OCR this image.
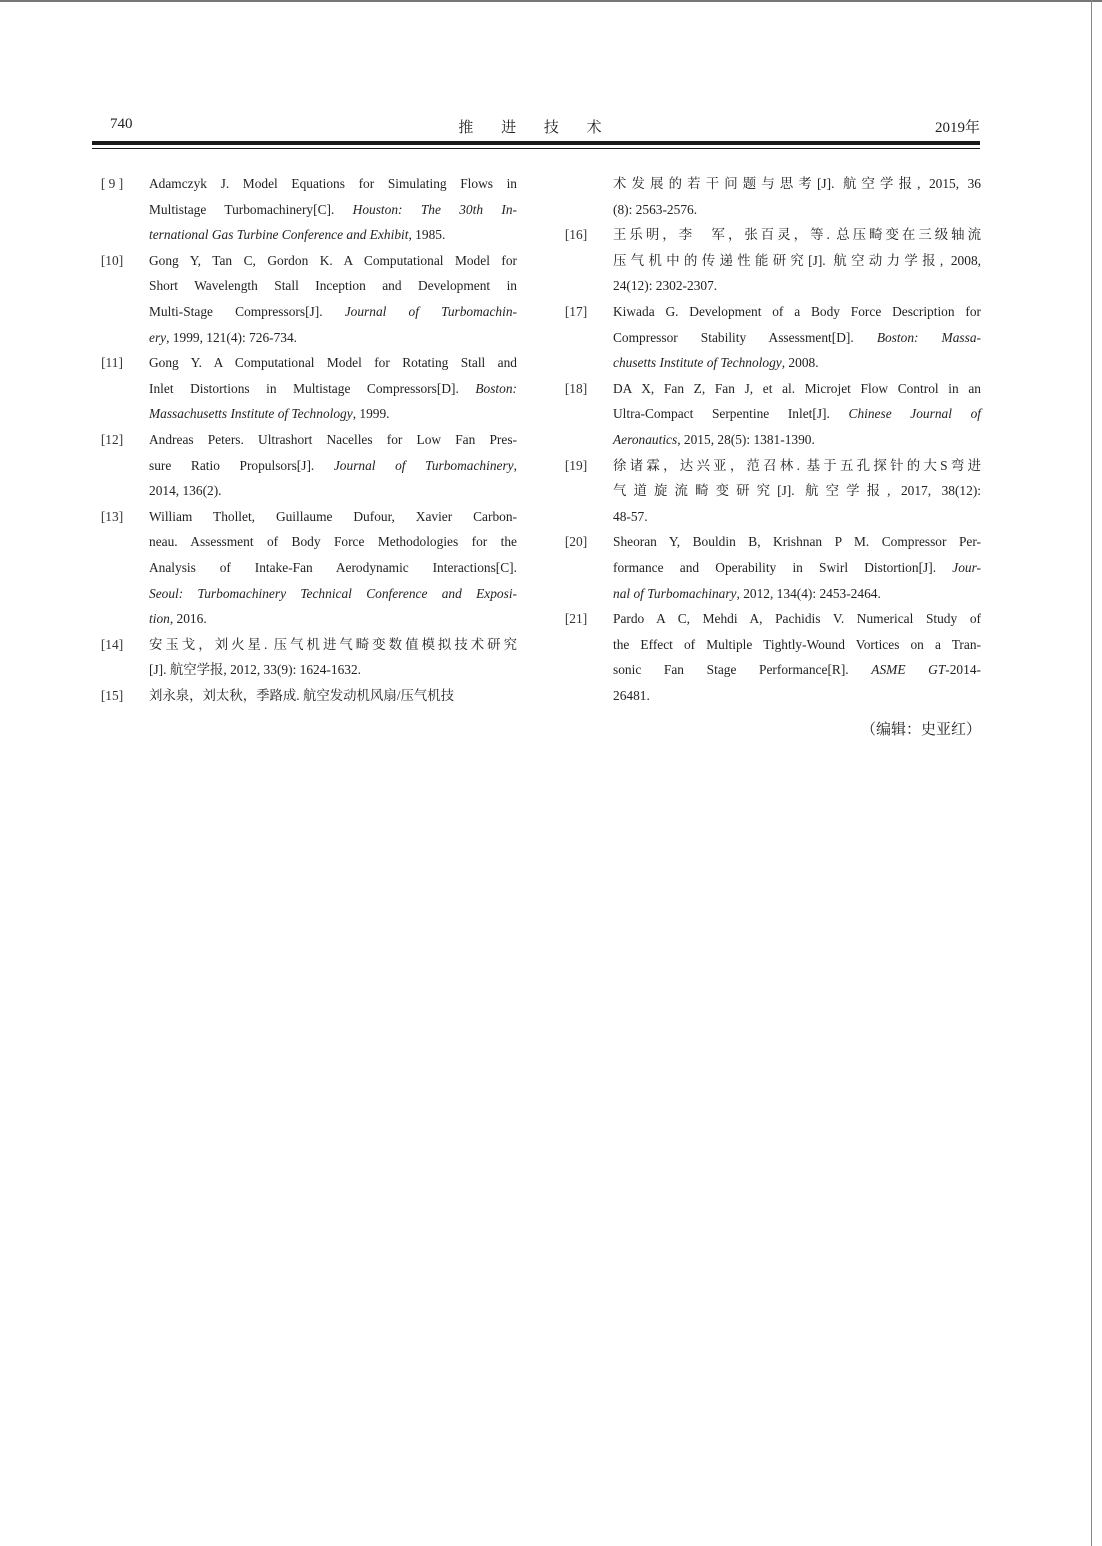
740	推 进 技 术	2019年
[ 9 ]	Adamczyk J. Model Equations for Simulating Flows in
Multistage Turbomachinery[C]. Houston: The 30th In-
ternational Gas Turbine Conference and Exhibit, 1985.
[10]	Gong Y, Tan C, Gordon K. A Computational Model for
Short Wavelength Stall Inception and Development in
Multi-Stage Compressors[J]. Journal of Turbomachin-
ery, 1999, 121(4): 726-734.
[11]	Gong Y. A Computational Model for Rotating Stall and
Inlet Distortions in Multistage Compressors[D]. Boston:
Massachusetts Institute of Technology, 1999.
[12]	Andreas Peters. Ultrashort Nacelles for Low Fan Pres-
sure Ratio Propulsors[J]. Journal of Turbomachinery,
2014, 136(2).
[13]	William Thollet, Guillaume Dufour, Xavier Carbon-
neau. Assessment of Body Force Methodologies for the
Analysis of Intake-Fan Aerodynamic Interactions[C].
Seoul: Turbomachinery Technical Conference and Exposi-
tion, 2016.
[14]	安玉戈，刘火星. 压气机进气畸变数值模拟技术研究
[J]. 航空学报, 2012, 33(9): 1624-1632.
[15]	刘永泉，刘太秋，季路成. 航空发动机风扇/压气机技
术发展的若干问题与思考[J]. 航空学报, 2015, 36
(8): 2563-2576.
[16]	王乐明，李　军，张百灵，等. 总压畸变在三级轴流
压气机中的传递性能研究[J]. 航空动力学报, 2008,
24(12): 2302-2307.
[17]	Kiwada G. Development of a Body Force Description for
Compressor Stability Assessment[D]. Boston: Massa-
chusetts Institute of Technology, 2008.
[18]	DA X, Fan Z, Fan J, et al. Microjet Flow Control in an
Ultra-Compact Serpentine Inlet[J]. Chinese Journal of
Aeronautics, 2015, 28(5): 1381-1390.
[19]	徐诸霖，达兴亚，范召林. 基于五孔探针的大S弯进
气道旋流畸变研究[J]. 航空学报, 2017, 38(12):
48-57.
[20]	Sheoran Y, Bouldin B, Krishnan P M. Compressor Per-
formance and Operability in Swirl Distortion[J]. Jour-
nal of Turbomachinary, 2012, 134(4): 2453-2464.
[21]	Pardo A C, Mehdi A, Pachidis V. Numerical Study of
the Effect of Multiple Tightly-Wound Vortices on a Tran-
sonic Fan Stage Performance[R]. ASME GT-2014-
26481.
（编辑：史亚红）
